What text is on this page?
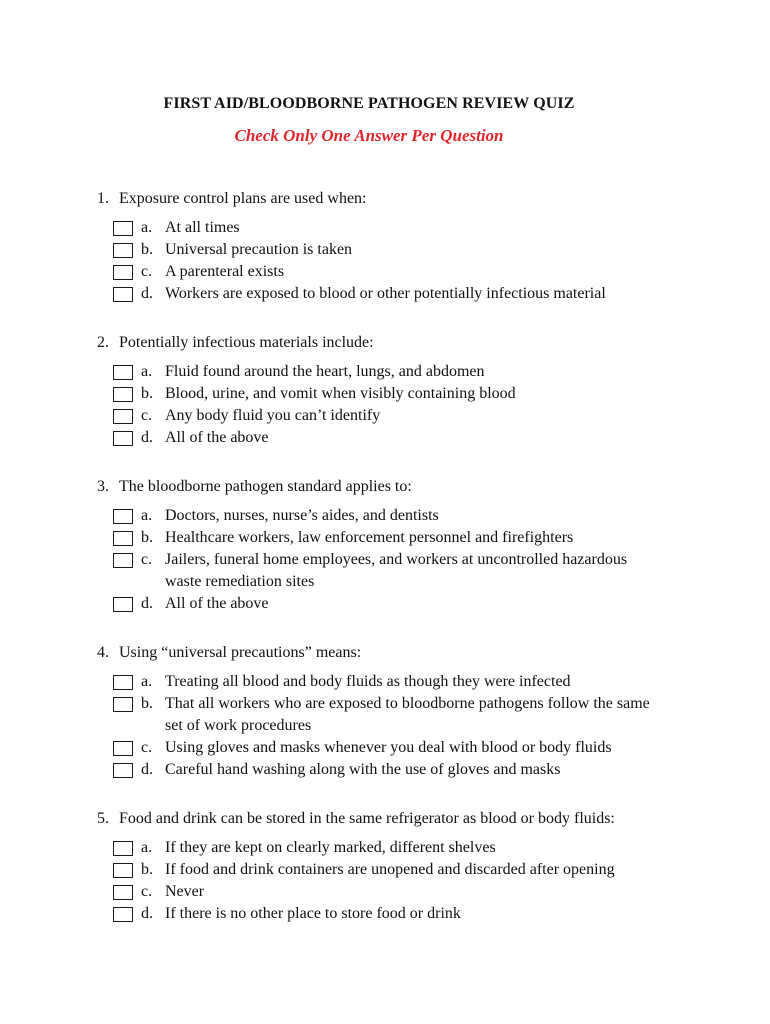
FIRST AID/BLOODBORNE PATHOGEN REVIEW QUIZ
Check Only One Answer Per Question
1. Exposure control plans are used when:
a. At all times
b. Universal precaution is taken
c. A parenteral exists
d. Workers are exposed to blood or other potentially infectious material
2. Potentially infectious materials include:
a. Fluid found around the heart, lungs, and abdomen
b. Blood, urine, and vomit when visibly containing blood
c. Any body fluid you can’t identify
d. All of the above
3. The bloodborne pathogen standard applies to:
a. Doctors, nurses, nurse’s aides, and dentists
b. Healthcare workers, law enforcement personnel and firefighters
c. Jailers, funeral home employees, and workers at uncontrolled hazardous
waste remediation sites
d. All of the above
4. Using “universal precautions” means:
a. Treating all blood and body fluids as though they were infected
b. That all workers who are exposed to bloodborne pathogens follow the same
set of work procedures
c. Using gloves and masks whenever you deal with blood or body fluids
d. Careful hand washing along with the use of gloves and masks
5. Food and drink can be stored in the same refrigerator as blood or body fluids:
a. If they are kept on clearly marked, different shelves
b. If food and drink containers are unopened and discarded after opening
c. Never
d. If there is no other place to store food or drink
